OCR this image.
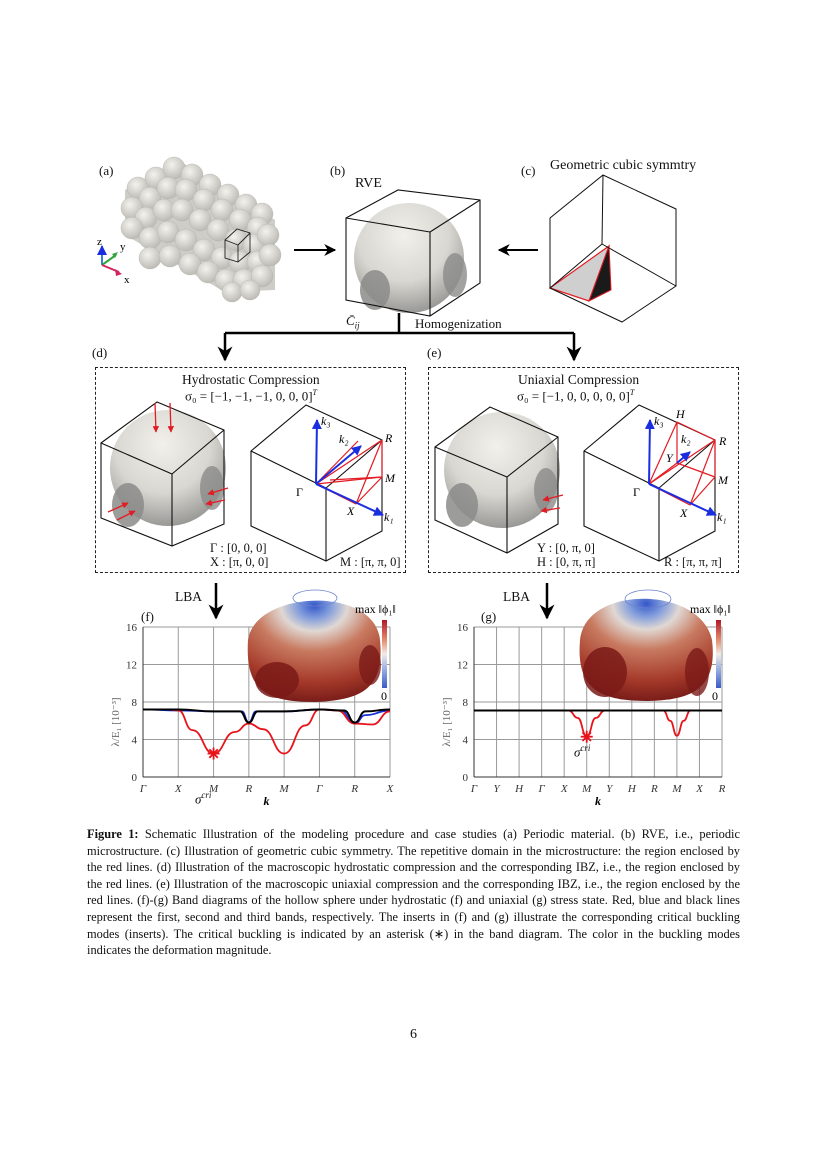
(a)	(b)
RVE
(c) Geometric cubic symmtry
z y
x
$C̄_{ij}$	Homogenization
(d)	(e)
Hydrostatic Compression
σ₀ = [−1, −1, −1, 0, 0, 0]$^T$
Uniaxial Compression
σ₀ = [−1, 0, 0, 0, 0, 0]$^T$
k₃
k₂
k₁
R
M
X
Γ
k₃
k₂
k₁
H
R
Y
M
X
Γ
Γ : [0, 0, 0]
X : [π, 0, 0]	M : [π, π, 0]
Y : [0, π, 0]
H : [0, π, π]	R : [π, π, π]
LBA
(f)
LBA
(g)
Γ	X M R M	Γ	R	X
0
4
8
12
16
k
λ/E₁ [10⁻³]
Γ Y H Γ X M Y H R M X R
0
4
8
12
16
k
λ/E₁ [10⁻³]
max ‖ϕ₁‖
0
max ‖ϕ₁‖
0
$\sigma^{cri}$
$\sigma^{cri}$
Figure 1: Schematic Illustration of the modeling procedure and case studies (a) Periodic material. (b) RVE, i.e., periodic microstructure. (c) Illustration of geometric cubic symmetry. The repetitive domain in the microstructure: the region enclosed by the red lines. (d) Illustration of the macroscopic hydrostatic compression and the corresponding IBZ, i.e., the region enclosed by the red lines. (e) Illustration of the macroscopic uniaxial compression and the corresponding IBZ, i.e., the region enclosed by the red lines. (f)-(g) Band diagrams of the hollow sphere under hydrostatic (f) and uniaxial (g) stress state. Red, blue and black lines represent the first, second and third bands, respectively. The inserts in (f) and (g) illustrate the corresponding critical buckling modes (inserts). The critical buckling is indicated by an asterisk (∗) in the band diagram. The color in the buckling modes indicates the deformation magnitude.
6
